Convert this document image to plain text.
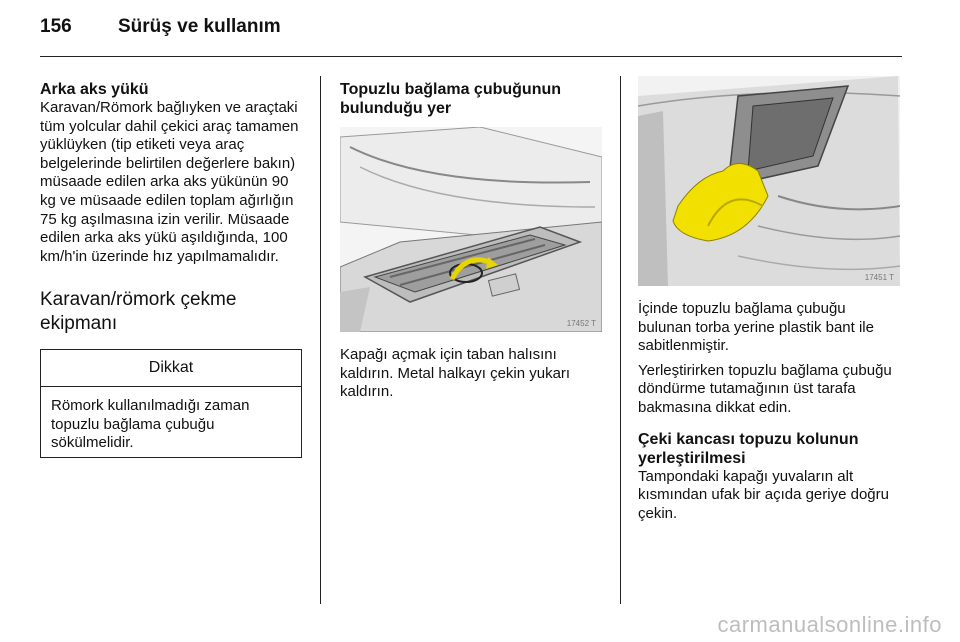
156 Sürüş ve kullanım
Arka aks yükü

Karavan/Römork bağlıyken ve araçtaki tüm yolcular dahil çekici araç tamamen yüklüyken (tip etiketi veya araç belgelerinde belirtilen değerlere bakın) müsaade edilen arka aks yükünün 90 kg ve müsaade edilen toplam ağırlığın 75 kg aşılmasına izin verilir. Müsaade edilen arka aks yükü aşıldığında, 100 km/h'in üzerinde hız yapılmamalıdır.

Karavan/römork çekme
ekipmanı
Dikkat
Römork kullanılmadığı zaman topuzlu bağlama çubuğu sökülmelidir.
Topuzlu bağlama çubuğunun
bulunduğu yer
17452 T

Kapağı açmak için taban halısını kaldırın. Metal halkayı çekin yukarı kaldırın.

17451 T

İçinde topuzlu bağlama çubuğu bulunan torba yerine plastik bant ile sabitlenmiştir.

Yerleştirirken topuzlu bağlama çubuğu döndürme tutamağının üst tarafa bakmasına dikkat edin.

Çeki kancası topuzu kolunun
yerleştirilmesi

Tampondaki kapağı yuvaların alt kısmından ufak bir açıda geriye doğru çekin.

carmanualsonline.info
